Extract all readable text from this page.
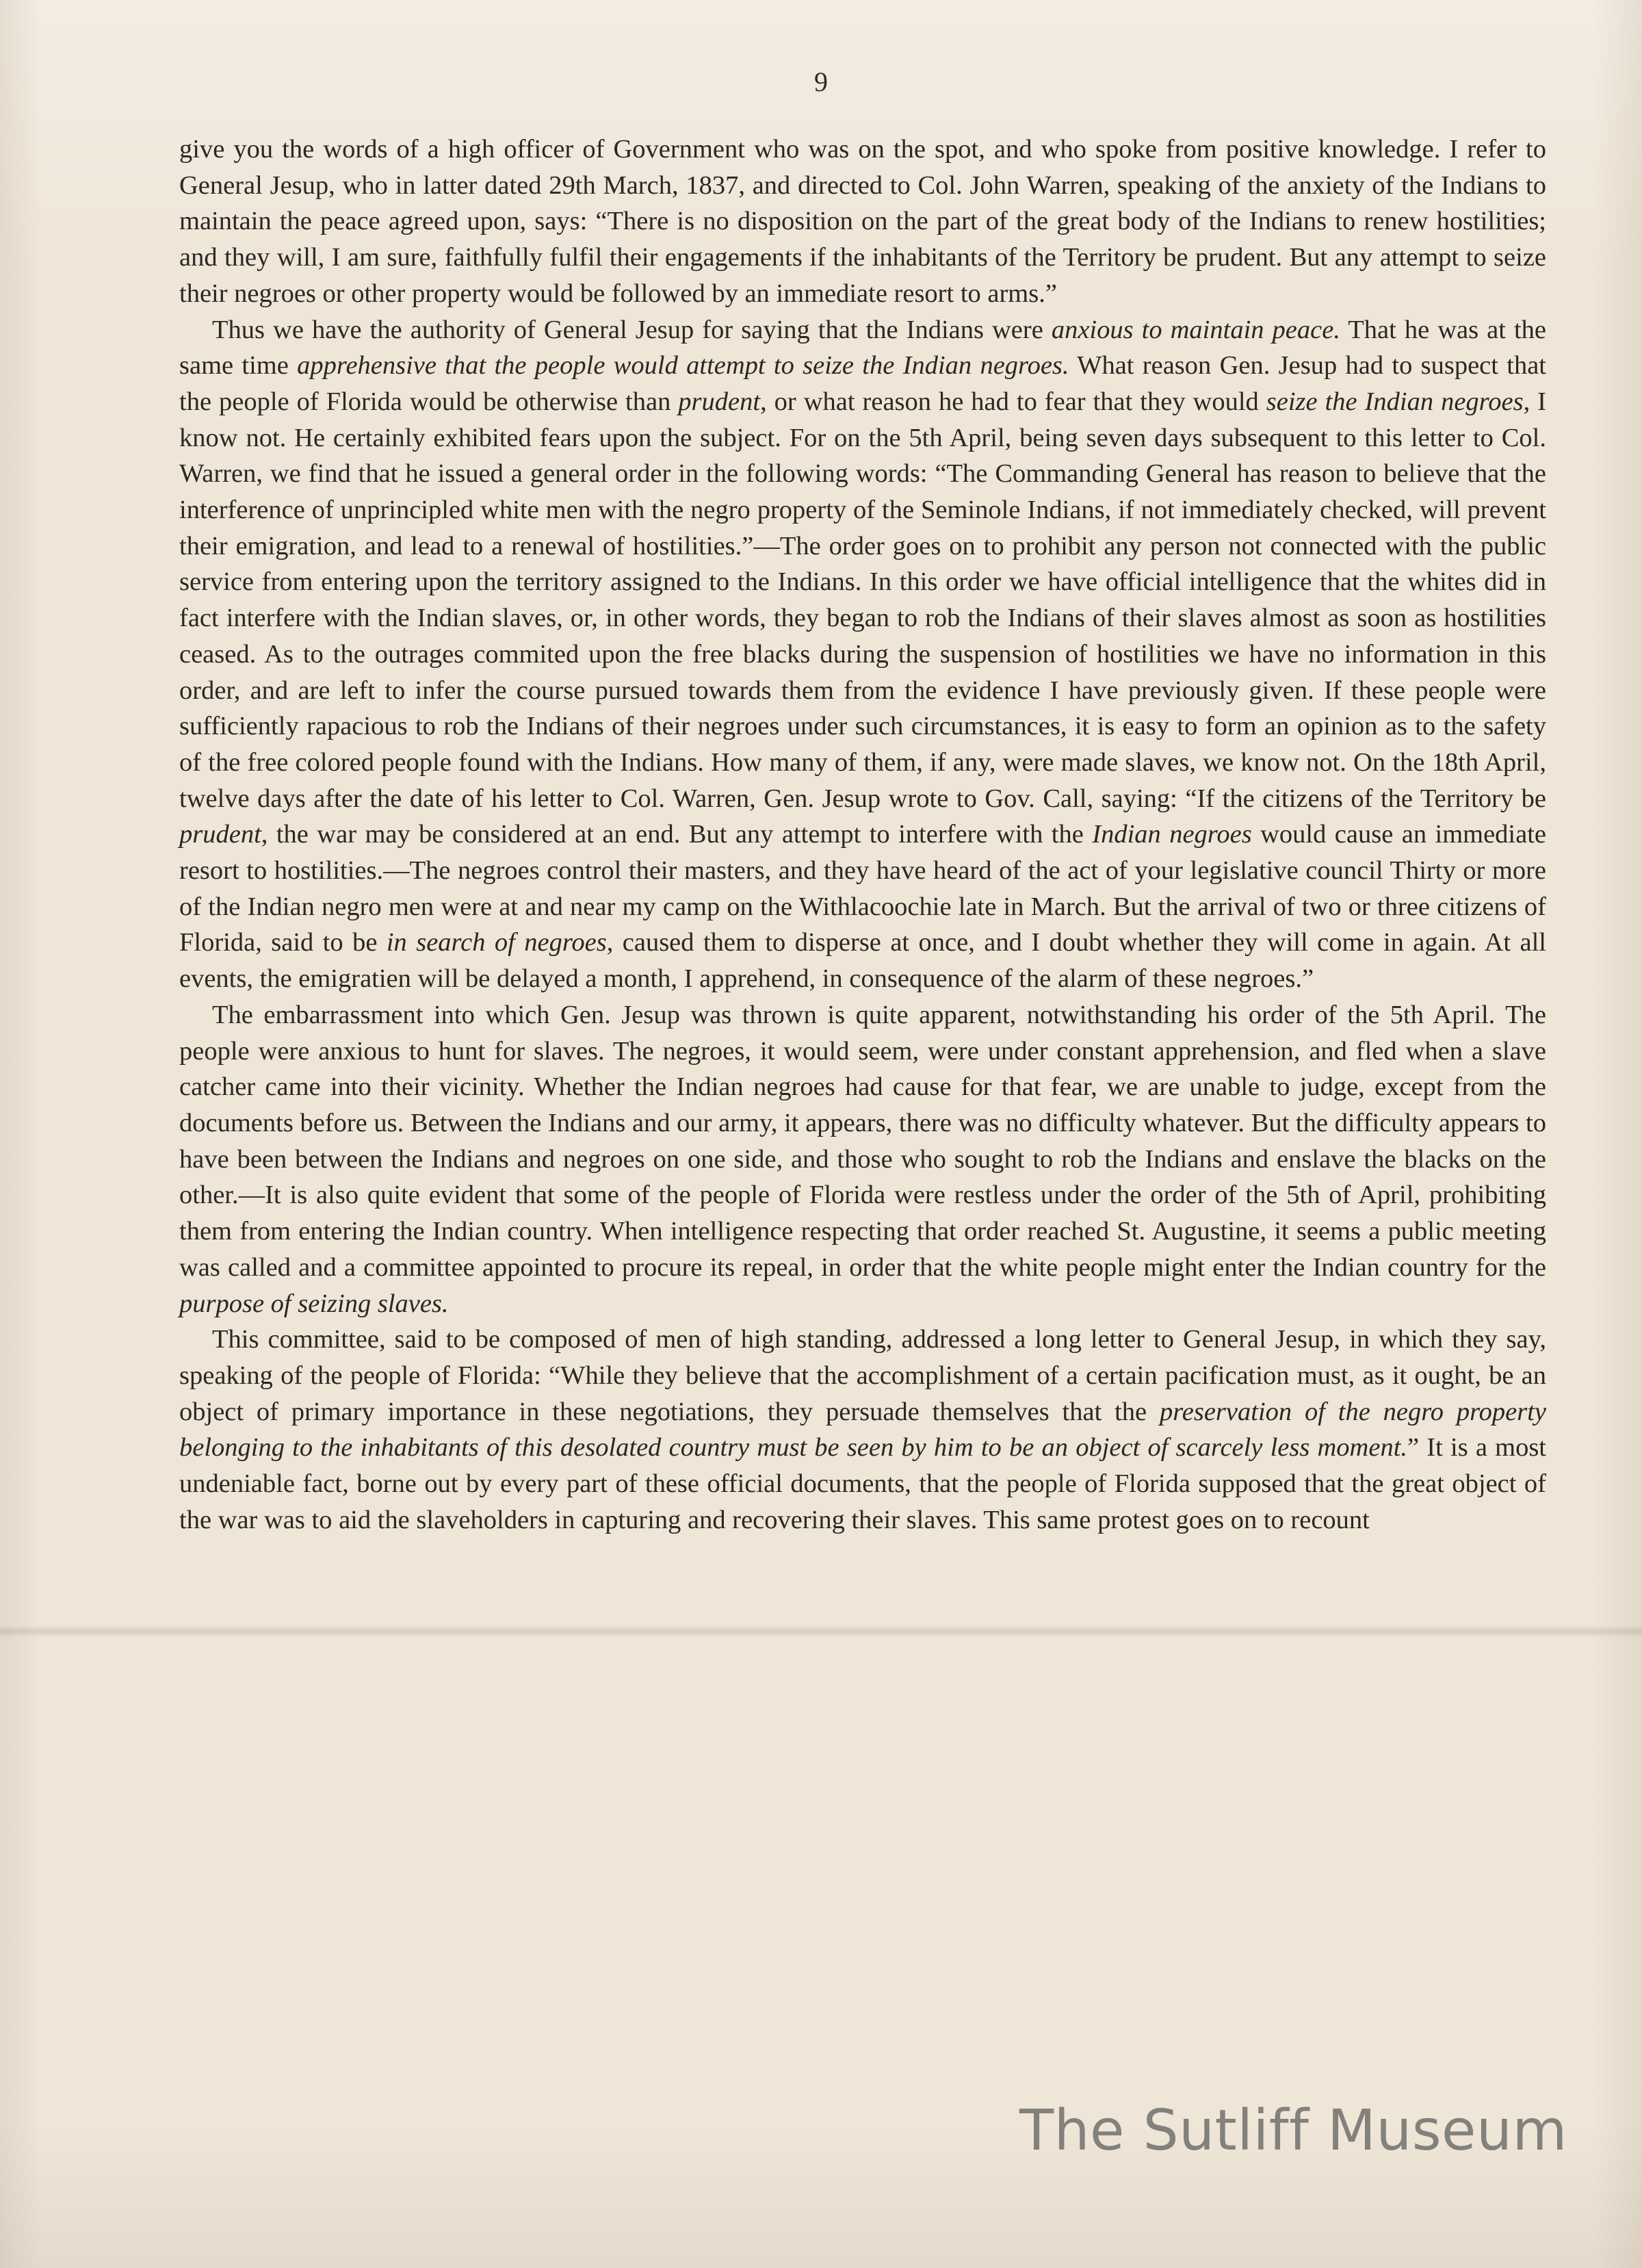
9

give you the words of a high officer of Government who was on the spot, and who spoke from positive knowledge. I refer to General Jesup, who in latter dated 29th March, 1837, and directed to Col. John Warren, speaking of the anxiety of the Indians to maintain the peace agreed upon, says: “There is no disposition on the part of the great body of the Indians to renew hostilities; and they will, I am sure, faithfully fulfil their engagements if the inhabitants of the Territory be prudent. But any attempt to seize their negroes or other property would be followed by an immediate resort to arms.”

Thus we have the authority of General Jesup for saying that the Indians were anxious to maintain peace. That he was at the same time apprehensive that the people would attempt to seize the Indian negroes. What reason Gen. Jesup had to suspect that the people of Florida would be otherwise than prudent, or what reason he had to fear that they would seize the Indian negroes, I know not. He certainly exhibited fears upon the subject. For on the 5th April, being seven days subsequent to this letter to Col. Warren, we find that he issued a general order in the following words: “The Commanding General has reason to believe that the interference of unprincipled white men with the negro property of the Seminole Indians, if not immediately checked, will prevent their emigration, and lead to a renewal of hostilities.”—The order goes on to prohibit any person not connected with the public service from entering upon the territory assigned to the Indians. In this order we have official intelligence that the whites did in fact interfere with the Indian slaves, or, in other words, they began to rob the Indians of their slaves almost as soon as hostilities ceased. As to the outrages commited upon the free blacks during the suspension of hostilities we have no information in this order, and are left to infer the course pursued towards them from the evidence I have previously given. If these people were sufficiently rapacious to rob the Indians of their negroes under such circumstances, it is easy to form an opinion as to the safety of the free colored people found with the Indians. How many of them, if any, were made slaves, we know not. On the 18th April, twelve days after the date of his letter to Col. Warren, Gen. Jesup wrote to Gov. Call, saying: “If the citizens of the Territory be prudent, the war may be considered at an end. But any attempt to interfere with the Indian negroes would cause an immediate resort to hostilities.—The negroes control their masters, and they have heard of the act of your legislative council Thirty or more of the Indian negro men were at and near my camp on the Withlacoochie late in March. But the arrival of two or three citizens of Florida, said to be in search of negroes, caused them to disperse at once, and I doubt whether they will come in again. At all events, the emigratien will be delayed a month, I apprehend, in consequence of the alarm of these negroes.”

The embarrassment into which Gen. Jesup was thrown is quite apparent, notwithstanding his order of the 5th April. The people were anxious to hunt for slaves. The negroes, it would seem, were under constant apprehension, and fled when a slave catcher came into their vicinity. Whether the Indian negroes had cause for that fear, we are unable to judge, except from the documents before us. Between the Indians and our army, it appears, there was no difficulty whatever. But the difficulty appears to have been between the Indians and negroes on one side, and those who sought to rob the Indians and enslave the blacks on the other.—It is also quite evident that some of the people of Florida were restless under the order of the 5th of April, prohibiting them from entering the Indian country. When intelligence respecting that order reached St. Augustine, it seems a public meeting was called and a committee appointed to procure its repeal, in order that the white people might enter the Indian country for the purpose of seizing slaves.

This committee, said to be composed of men of high standing, addressed a long letter to General Jesup, in which they say, speaking of the people of Florida: “While they believe that the accomplishment of a certain pacification must, as it ought, be an object of primary importance in these negotiations, they persuade themselves that the preservation of the negro property belonging to the inhabitants of this desolated country must be seen by him to be an object of scarcely less moment.” It is a most undeniable fact, borne out by every part of these official documents, that the people of Florida supposed that the great object of the war was to aid the slaveholders in capturing and recovering their slaves. This same protest goes on to recount

The Sutliff Museum
